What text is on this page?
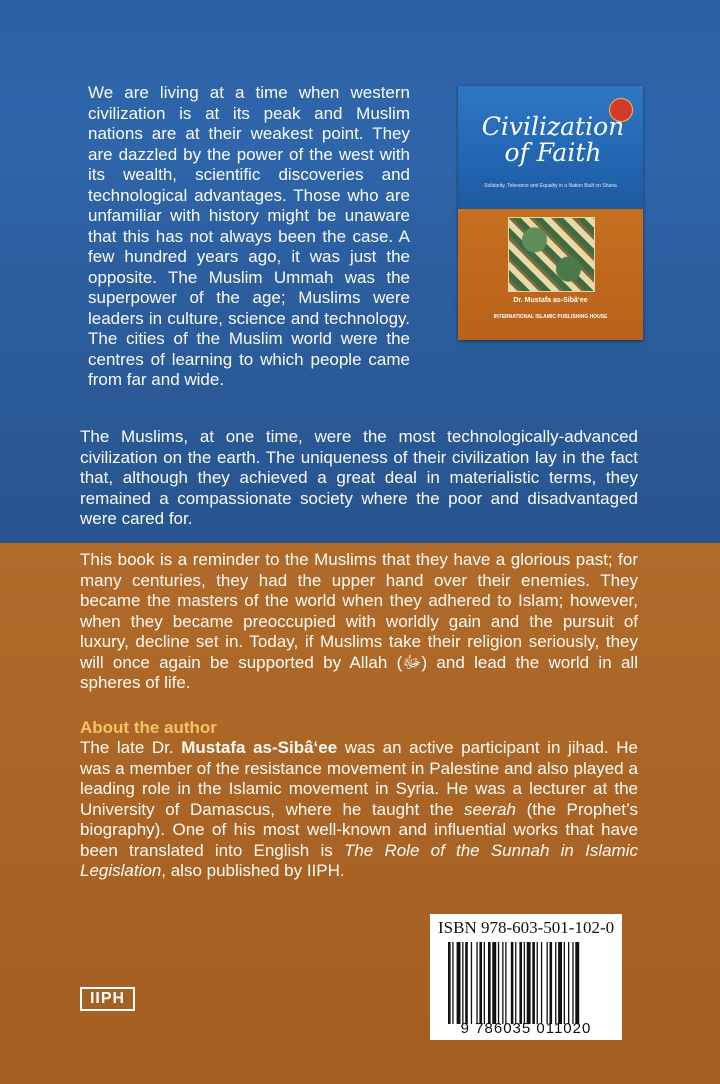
We are living at a time when western civilization is at its peak and Muslim nations are at their weakest point. They are dazzled by the power of the west with its wealth, scientific discoveries and technological advantages. Those who are unfamiliar with history might be unaware that this has not always been the case. A few hundred years ago, it was just the opposite. The Muslim Ummah was the superpower of the age; Muslims were leaders in culture, science and technology. The cities of the Muslim world were the centres of learning to which people came from far and wide.

Civilization
of Faith
Solidarity, Tolerance and Equality in a Nation Built on Sharia
Dr. Mustafa as-Sibâ‘ee
INTERNATIONAL ISLAMIC PUBLISHING HOUSE

The Muslims, at one time, were the most technologically-advanced civilization on the earth. The uniqueness of their civilization lay in the fact that, although they achieved a great deal in materialistic terms, they remained a compassionate society where the poor and disadvantaged were cared for.

This book is a reminder to the Muslims that they have a glorious past; for many centuries, they had the upper hand over their enemies. They became the masters of the world when they adhered to Islam; however, when they became preoccupied with worldly gain and the pursuit of luxury, decline set in. Today, if Muslims take their religion seriously, they will once again be supported by Allah (ﷻ) and lead the world in all spheres of life.

About the author

The late Dr. Mustafa as-Sibâ‘ee was an active participant in jihad. He was a member of the resistance movement in Palestine and also played a leading role in the Islamic movement in Syria. He was a lecturer at the University of Damascus, where he taught the seerah (the Prophet’s biography). One of his most well-known and influential works that have been translated into English is The Role of the Sunnah in Islamic Legislation, also published by IIPH.

ISBN 978-603-501-102-0
9 786035 011020
IIPH
